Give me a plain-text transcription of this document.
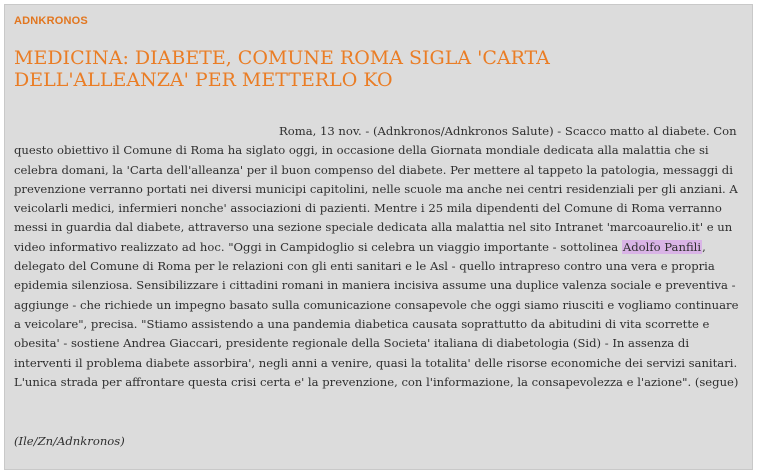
ADNKRONOS
MEDICINA: DIABETE, COMUNE ROMA SIGLA 'CARTA DELL'ALLEANZA' PER METTERLO KO

Roma, 13 nov. - (Adnkronos/Adnkronos Salute) - Scacco matto al diabete. Con questo obiettivo il Comune di Roma ha siglato oggi, in occasione della Giornata mondiale dedicata alla malattia che si celebra domani, la 'Carta dell'alleanza' per il buon compenso del diabete. Per mettere al tappeto la patologia, messaggi di prevenzione verranno portati nei diversi municipi capitolini, nelle scuole ma anche nei centri residenziali per gli anziani. A veicolarli medici, infermieri nonche' associazioni di pazienti. Mentre i 25 mila dipendenti del Comune di Roma verranno messi in guardia dal diabete, attraverso una sezione speciale dedicata alla malattia nel sito Intranet 'marcoaurelio.it' e un video informativo realizzato ad hoc. "Oggi in Campidoglio si celebra un viaggio importante - sottolinea Adolfo Panfili, delegato del Comune di Roma per le relazioni con gli enti sanitari e le Asl - quello intrapreso contro una vera e propria epidemia silenziosa. Sensibilizzare i cittadini romani in maniera incisiva assume una duplice valenza sociale e preventiva - aggiunge - che richiede un impegno basato sulla comunicazione consapevole che oggi siamo riusciti e vogliamo continuare a veicolare", precisa. "Stiamo assistendo a una pandemia diabetica causata soprattutto da abitudini di vita scorrette e obesita' - sostiene Andrea Giaccari, presidente regionale della Societa' italiana di diabetologia (Sid) - In assenza di interventi il problema diabete assorbira', negli anni a venire, quasi la totalita' delle risorse economiche dei servizi sanitari. L'unica strada per affrontare questa crisi certa e' la prevenzione, con l'informazione, la consapevolezza e l'azione". (segue)

(Ile/Zn/Adnkronos)
